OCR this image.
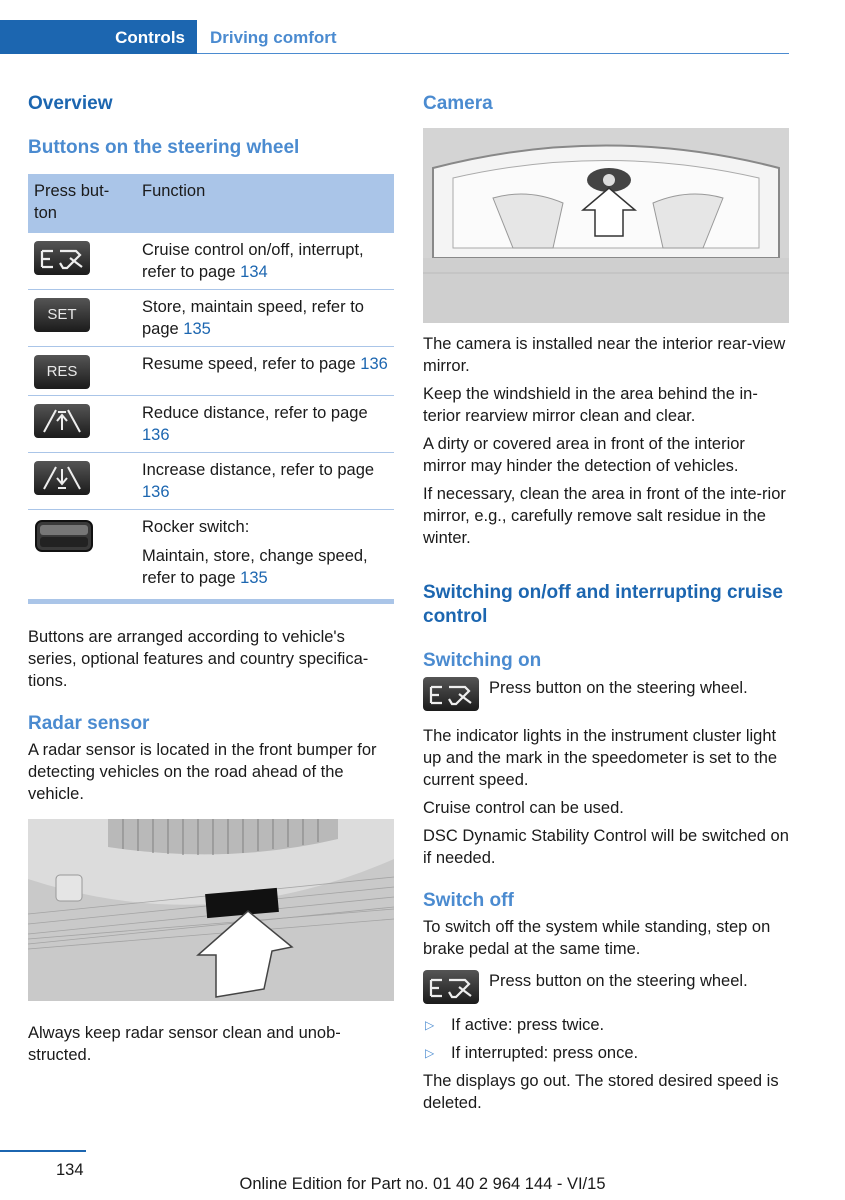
Controls Driving comfort
Overview
Buttons on the steering wheel
Press but-
ton	Function

	Cruise control on/off, interrupt, refer to page 134
SET	Store, maintain speed, refer to page 135
RES	Resume speed, refer to page 136

	Reduce distance, refer to page 136

	Increase distance, refer to page 136

Rocker switch:
Maintain, store, change speed, refer to page 135

Buttons are arranged according to vehicle's series, optional features and country specifica-tions.

Radar sensor

A radar sensor is located in the front bumper for detecting vehicles on the road ahead of the vehicle.

Always keep radar sensor clean and unob-structed.

Camera

The camera is installed near the interior rear-view mirror.

Keep the windshield in the area behind the in-terior rearview mirror clean and clear.

A dirty or covered area in front of the interior mirror may hinder the detection of vehicles.

If necessary, clean the area in front of the inte-rior mirror, e.g., carefully remove salt residue in the winter.

Switching on/off and interrupting cruise control
Switching on

Press button on the steering wheel.

The indicator lights in the instrument cluster light up and the mark in the speedometer is set to the current speed.

Cruise control can be used.

DSC Dynamic Stability Control will be switched on if needed.

Switch off

To switch off the system while standing, step on brake pedal at the same time.

Press button on the steering wheel.

▷ If active: press twice.
▷ If interrupted: press once.

The displays go out. The stored desired speed is deleted.

134
Online Edition for Part no. 01 40 2 964 144 - VI/15
